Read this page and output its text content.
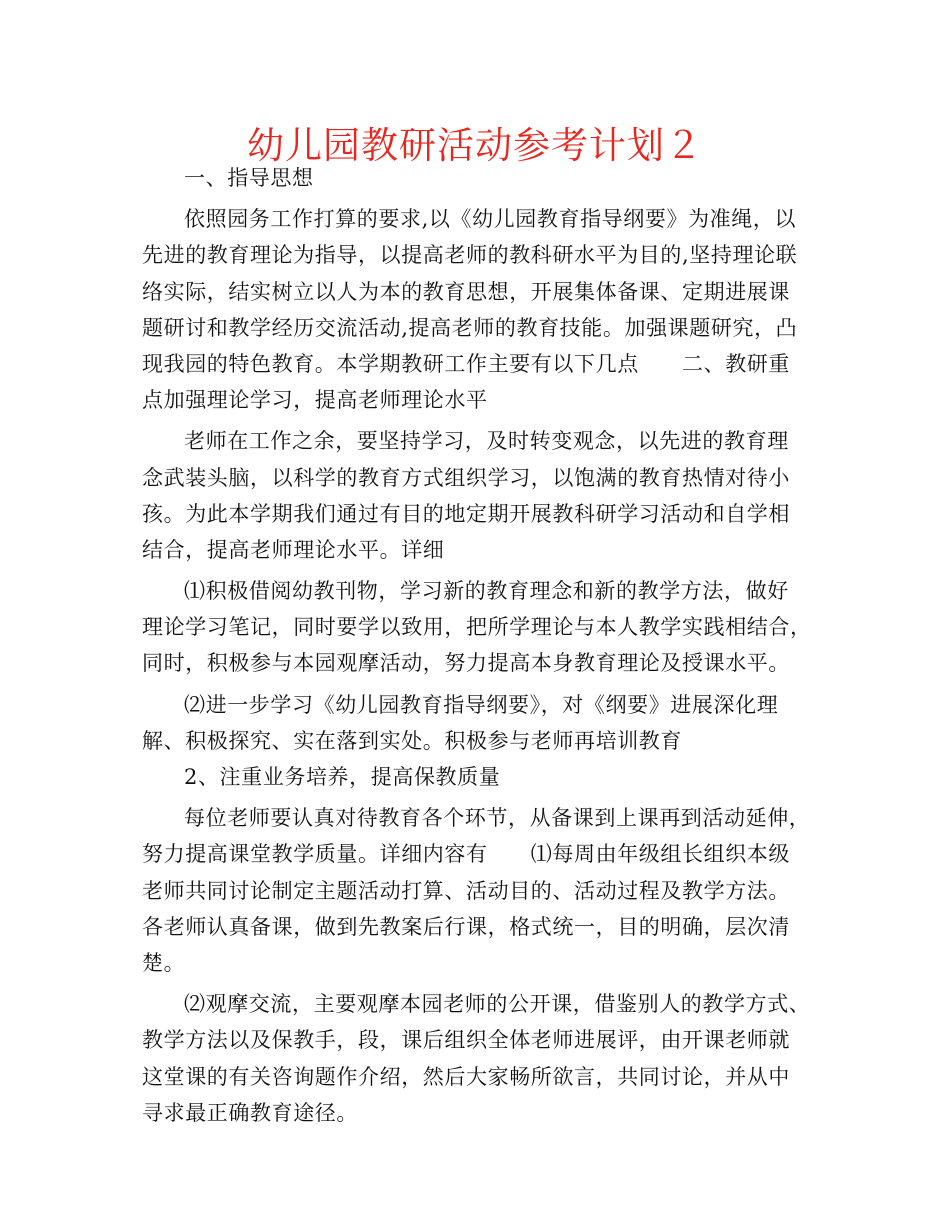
幼儿园教研活动参考计划２
一、指导思想
依照园务工作打算的要求,以《幼儿园教育指导纲要》为准绳，以
先进的教育理论为指导，以提高老师的教科研水平为目的,坚持理论联
络实际，结实树立以人为本的教育思想，开展集体备课、定期进展课
题研讨和教学经历交流活动,提高老师的教育技能。加强课题研究，凸
现我园的特色教育。本学期教研工作主要有以下几点　　二、教研重
点加强理论学习，提高老师理论水平
老师在工作之余，要坚持学习，及时转变观念，以先进的教育理
念武装头脑，以科学的教育方式组织学习，以饱满的教育热情对待小
孩。为此本学期我们通过有目的地定期开展教科研学习活动和自学相
结合，提高老师理论水平。详细
⑴积极借阅幼教刊物，学习新的教育理念和新的教学方法，做好
理论学习笔记，同时要学以致用，把所学理论与本人教学实践相结合，
同时，积极参与本园观摩活动，努力提高本身教育理论及授课水平。
⑵进一步学习《幼儿园教育指导纲要》，对《纲要》进展深化理
解、积极探究、实在落到实处。积极参与老师再培训教育
2、注重业务培养，提高保教质量
每位老师要认真对待教育各个环节，从备课到上课再到活动延伸，
努力提高课堂教学质量。详细内容有　　⑴每周由年级组长组织本级
老师共同讨论制定主题活动打算、活动目的、活动过程及教学方法。
各老师认真备课，做到先教案后行课，格式统一，目的明确，层次清
楚。
⑵观摩交流，主要观摩本园老师的公开课，借鉴别人的教学方式、
教学方法以及保教手，段，课后组织全体老师进展评，由开课老师就
这堂课的有关咨询题作介绍，然后大家畅所欲言，共同讨论，并从中
寻求最正确教育途径。
